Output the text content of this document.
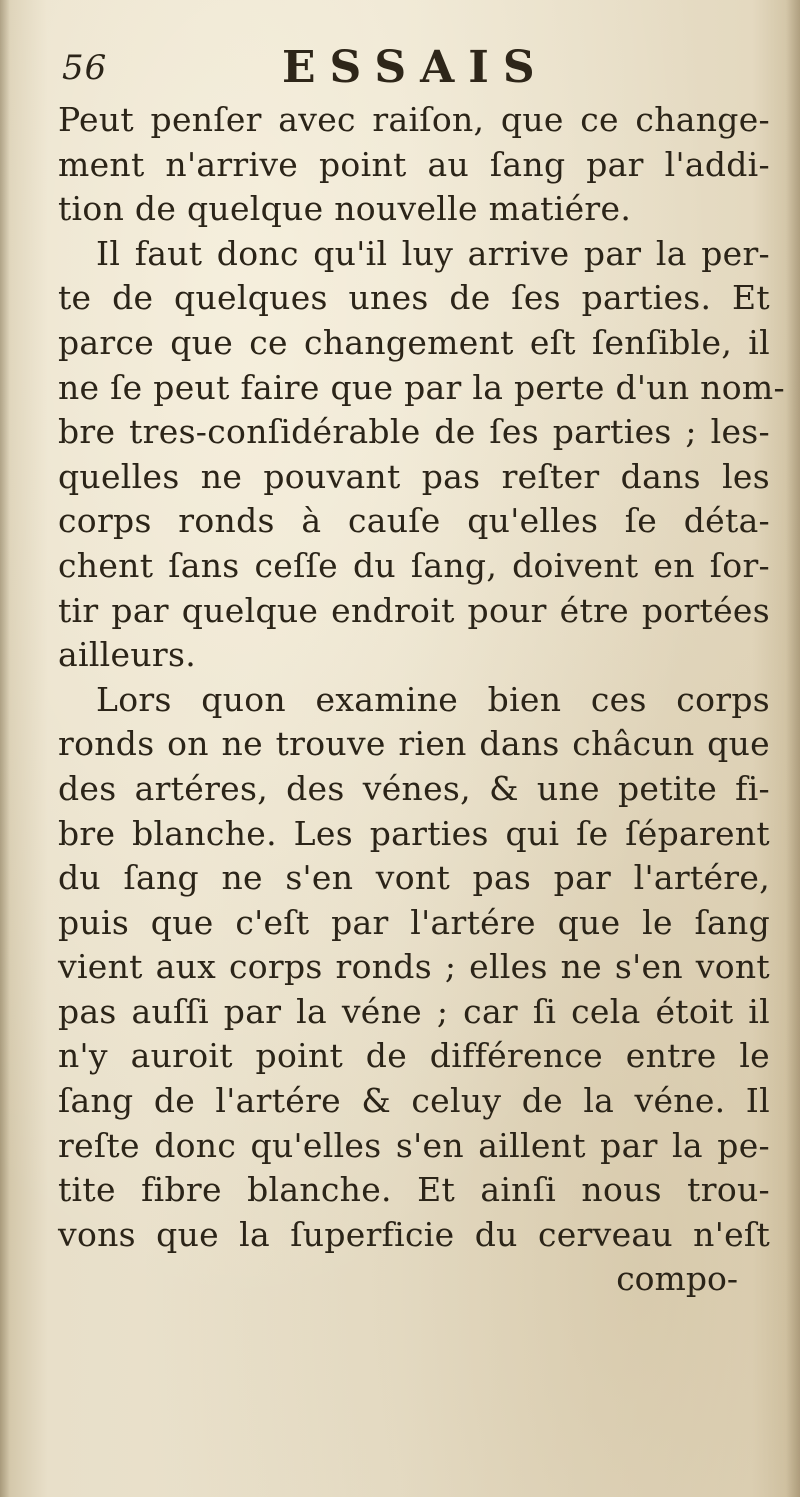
56	ESSAIS
Peut penſer avec raiſon, que ce change-
ment n'arrive point au ſang par l'addi-
tion de quelque nouvelle matiére.
Il faut donc qu'il luy arrive par la per-
te de quelques unes de ſes parties. Et
parce que ce changement eſt ſenſible, il
ne ſe peut faire que par la perte d'un nom-
bre tres-conſidérable de ſes parties ; les-
quelles ne pouvant pas reſter dans les
corps ronds à cauſe qu'elles ſe déta-
chent ſans ceſſe du ſang, doivent en ſor-
tir par quelque endroit pour étre portées
ailleurs.
Lors quon examine bien ces corps
ronds on ne trouve rien dans châcun que
des artéres, des vénes, & une petite fi-
bre blanche. Les parties qui ſe ſéparent
du ſang ne s'en vont pas par l'artére,
puis que c'eſt par l'artére que le ſang
vient aux corps ronds ; elles ne s'en vont
pas auſſi par la véne ; car ſi cela étoit il
n'y auroit point de différence entre le
ſang de l'artére & celuy de la véne. Il
reſte donc qu'elles s'en aillent par la pe-
tite fibre blanche. Et ainſi nous trou-
vons que la ſuperficie du cerveau n'eſt
compo-
